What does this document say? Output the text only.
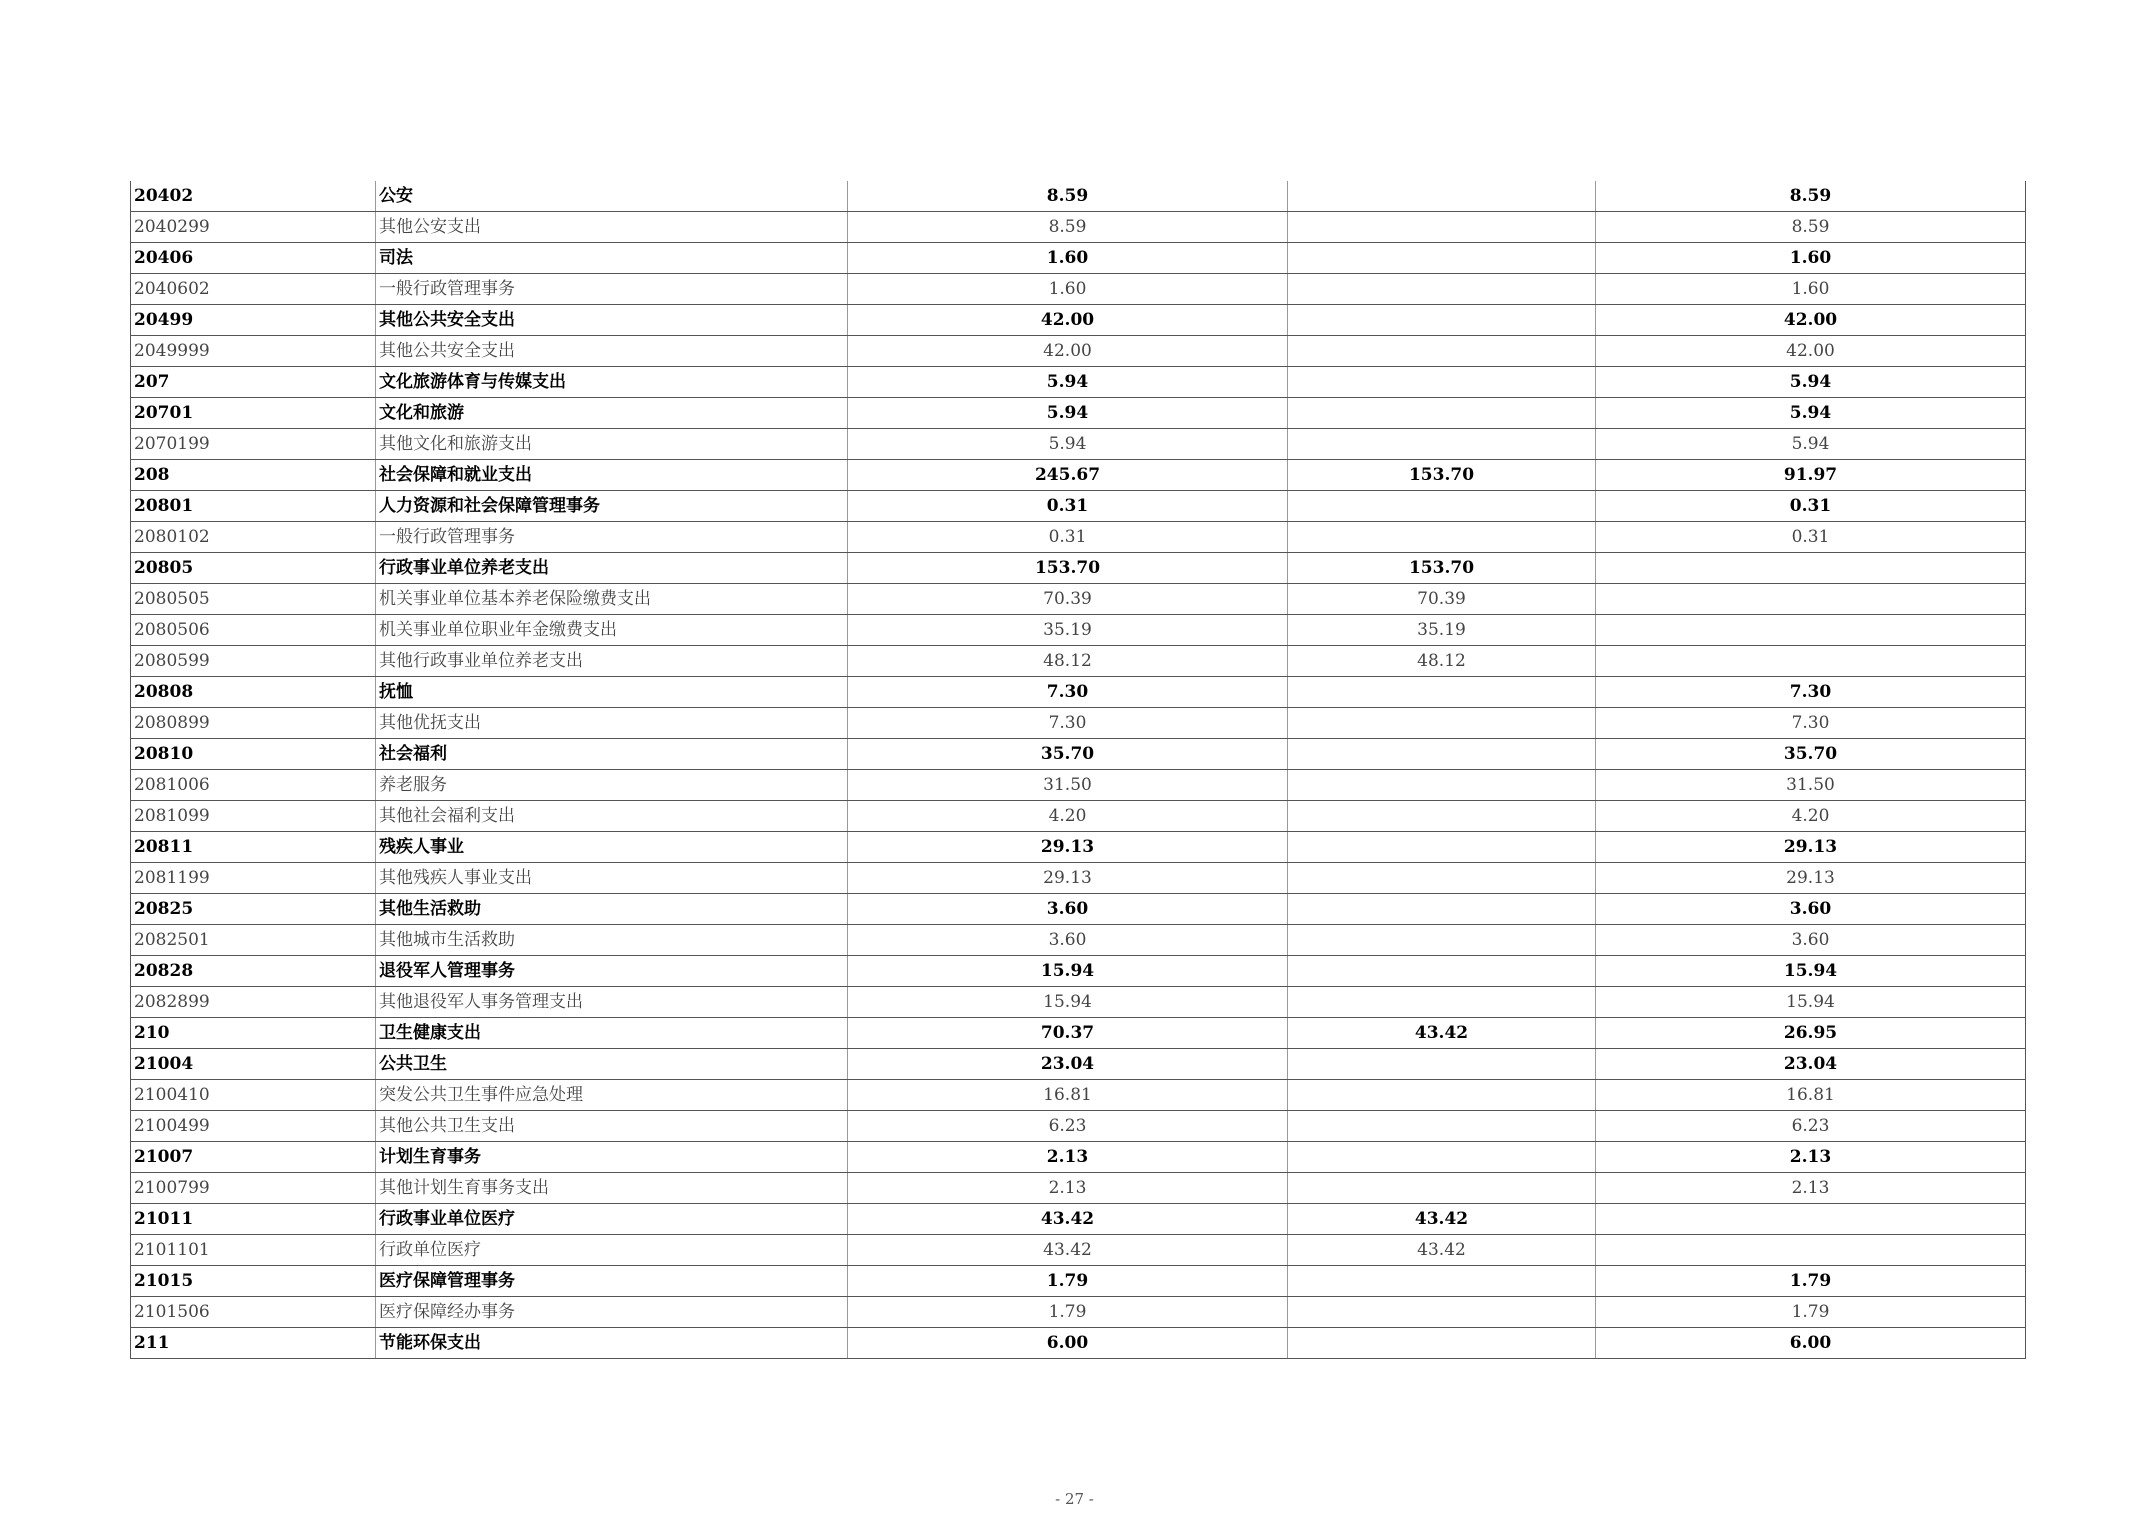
20402	公安	8.59		8.59
2040299	其他公安支出	8.59		8.59
20406	司法	1.60		1.60
2040602	一般行政管理事务	1.60		1.60
20499	其他公共安全支出	42.00		42.00
2049999	其他公共安全支出	42.00		42.00
207	文化旅游体育与传媒支出	5.94		5.94
20701	文化和旅游	5.94		5.94
2070199	其他文化和旅游支出	5.94		5.94
208	社会保障和就业支出	245.67	153.70	91.97
20801	人力资源和社会保障管理事务	0.31		0.31
2080102	一般行政管理事务	0.31		0.31
20805	行政事业单位养老支出	153.70	153.70	
2080505	机关事业单位基本养老保险缴费支出	70.39	70.39	
2080506	机关事业单位职业年金缴费支出	35.19	35.19	
2080599	其他行政事业单位养老支出	48.12	48.12	
20808	抚恤	7.30		7.30
2080899	其他优抚支出	7.30		7.30
20810	社会福利	35.70		35.70
2081006	养老服务	31.50		31.50
2081099	其他社会福利支出	4.20		4.20
20811	残疾人事业	29.13		29.13
2081199	其他残疾人事业支出	29.13		29.13
20825	其他生活救助	3.60		3.60
2082501	其他城市生活救助	3.60		3.60
20828	退役军人管理事务	15.94		15.94
2082899	其他退役军人事务管理支出	15.94		15.94
210	卫生健康支出	70.37	43.42	26.95
21004	公共卫生	23.04		23.04
2100410	突发公共卫生事件应急处理	16.81		16.81
2100499	其他公共卫生支出	6.23		6.23
21007	计划生育事务	2.13		2.13
2100799	其他计划生育事务支出	2.13		2.13
21011	行政事业单位医疗	43.42	43.42	
2101101	行政单位医疗	43.42	43.42	
21015	医疗保障管理事务	1.79		1.79
2101506	医疗保障经办事务	1.79		1.79
211	节能环保支出	6.00		6.00
- 27 -
